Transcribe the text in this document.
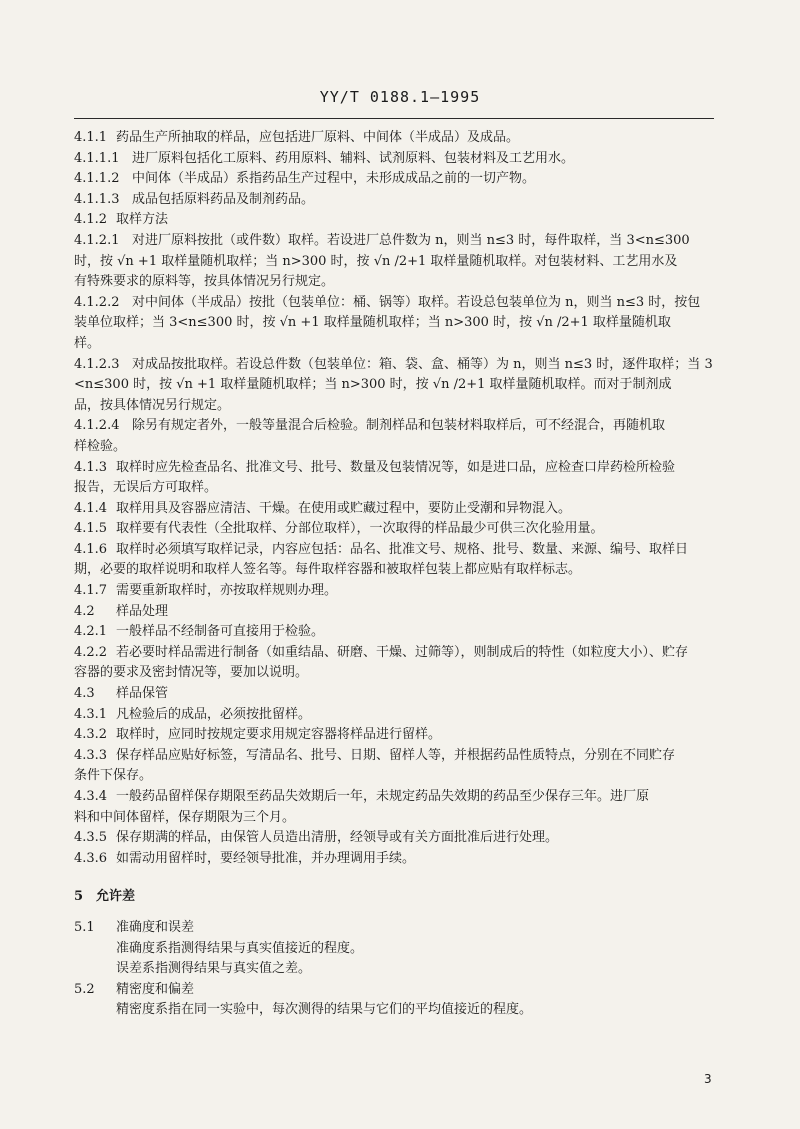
YY/T 0188.1—1995
4.1.1 药品生产所抽取的样品，应包括进厂原料、中间体（半成品）及成品。
4.1.1.1 进厂原料包括化工原料、药用原料、辅料、试剂原料、包装材料及工艺用水。
4.1.1.2 中间体（半成品）系指药品生产过程中，未形成成品之前的一切产物。
4.1.1.3 成品包括原料药品及制剂药品。
4.1.2 取样方法
4.1.2.1 对进厂原料按批（或件数）取样。若设进厂总件数为 n，则当 n≤3 时，每件取样，当 3<n≤300
时，按 √n +1 取样量随机取样；当 n>300 时，按 √n /2+1 取样量随机取样。对包装材料、工艺用水及
有特殊要求的原料等，按具体情况另行规定。
4.1.2.2 对中间体（半成品）按批（包装单位：桶、锅等）取样。若设总包装单位为 n，则当 n≤3 时，按包
装单位取样；当 3<n≤300 时，按 √n +1 取样量随机取样；当 n>300 时，按 √n /2+1 取样量随机取
样。
4.1.2.3 对成品按批取样。若设总件数（包装单位：箱、袋、盒、桶等）为 n，则当 n≤3 时，逐件取样；当 3
<n≤300 时，按 √n +1 取样量随机取样；当 n>300 时，按 √n /2+1 取样量随机取样。而对于制剂成
品，按具体情况另行规定。
4.1.2.4 除另有规定者外，一般等量混合后检验。制剂样品和包装材料取样后，可不经混合，再随机取
样检验。
4.1.3 取样时应先检查品名、批准文号、批号、数量及包装情况等，如是进口品，应检查口岸药检所检验
报告，无误后方可取样。
4.1.4 取样用具及容器应清洁、干燥。在使用或贮藏过程中，要防止受潮和异物混入。
4.1.5 取样要有代表性（全批取样、分部位取样），一次取得的样品最少可供三次化验用量。
4.1.6 取样时必须填写取样记录，内容应包括：品名、批准文号、规格、批号、数量、来源、编号、取样日
期，必要的取样说明和取样人签名等。每件取样容器和被取样包装上都应贴有取样标志。
4.1.7 需要重新取样时，亦按取样规则办理。
4.2 样品处理
4.2.1 一般样品不经制备可直接用于检验。
4.2.2 若必要时样品需进行制备（如重结晶、研磨、干燥、过筛等），则制成后的特性（如粒度大小）、贮存
容器的要求及密封情况等，要加以说明。
4.3 样品保管
4.3.1 凡检验后的成品，必须按批留样。
4.3.2 取样时，应同时按规定要求用规定容器将样品进行留样。
4.3.3 保存样品应贴好标签，写清品名、批号、日期、留样人等，并根据药品性质特点，分别在不同贮存
条件下保存。
4.3.4 一般药品留样保存期限至药品失效期后一年，未规定药品失效期的药品至少保存三年。进厂原
料和中间体留样，保存期限为三个月。
4.3.5 保存期满的样品，由保管人员造出清册，经领导或有关方面批准后进行处理。
4.3.6 如需动用留样时，要经领导批准，并办理调用手续。
5 允许差
5.1 准确度和误差
准确度系指测得结果与真实值接近的程度。
误差系指测得结果与真实值之差。
5.2 精密度和偏差
精密度系指在同一实验中，每次测得的结果与它们的平均值接近的程度。
3
